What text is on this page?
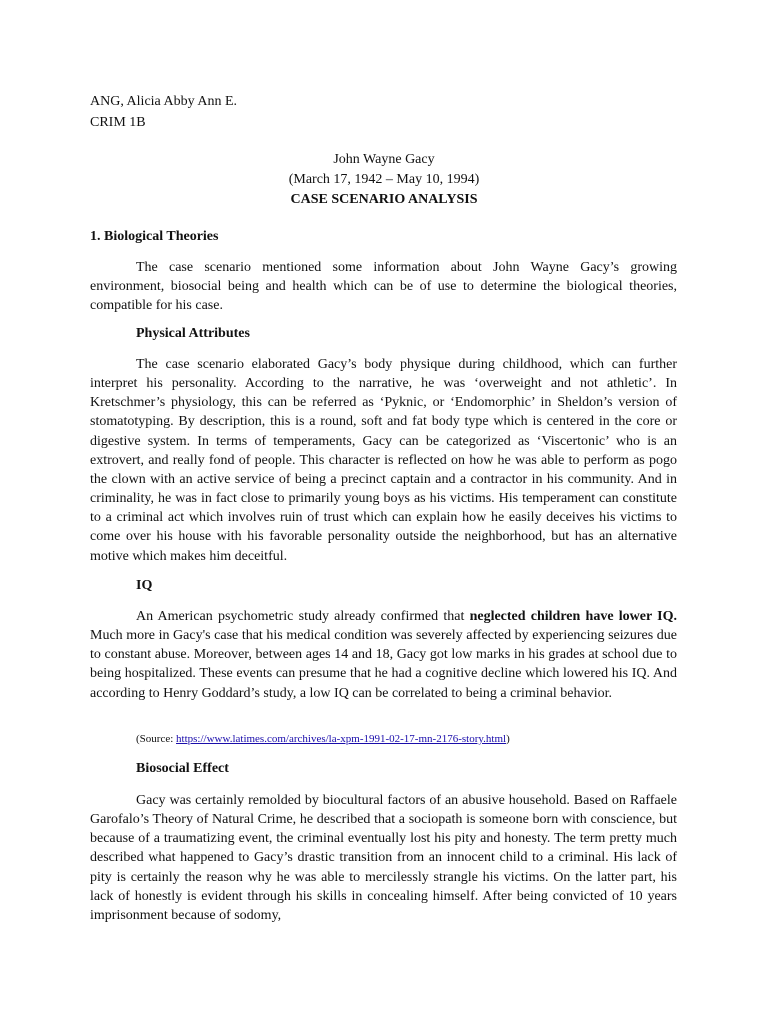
ANG, Alicia Abby Ann E.
CRIM 1B
John Wayne Gacy
(March 17, 1942 – May 10, 1994)
CASE SCENARIO ANALYSIS
1. Biological Theories

The case scenario mentioned some information about John Wayne Gacy’s growing environment, biosocial being and health which can be of use to determine the biological theories, compatible for his case.

Physical Attributes

The case scenario elaborated Gacy’s body physique during childhood, which can further interpret his personality. According to the narrative, he was ‘overweight and not athletic’. In Kretschmer’s physiology, this can be referred as ‘Pyknic, or ‘Endomorphic’ in Sheldon’s version of stomatotyping. By description, this is a round, soft and fat body type which is centered in the core or digestive system. In terms of temperaments, Gacy can be categorized as ‘Viscertonic’ who is an extrovert, and really fond of people. This character is reflected on how he was able to perform as pogo the clown with an active service of being a precinct captain and a contractor in his community. And in criminality, he was in fact close to primarily young boys as his victims. His temperament can constitute to a criminal act which involves ruin of trust which can explain how he easily deceives his victims to come over his house with his favorable personality outside the neighborhood, but has an alternative motive which makes him deceitful.

IQ

An American psychometric study already confirmed that neglected children have lower IQ. Much more in Gacy's case that his medical condition was severely affected by experiencing seizures due to constant abuse. Moreover, between ages 14 and 18, Gacy got low marks in his grades at school due to being hospitalized. These events can presume that he had a cognitive decline which lowered his IQ. And according to Henry Goddard’s study, a low IQ can be correlated to being a criminal behavior.

(Source: https://www.latimes.com/archives/la-xpm-1991-02-17-mn-2176-story.html)
Biosocial Effect

Gacy was certainly remolded by biocultural factors of an abusive household. Based on Raffaele Garofalo’s Theory of Natural Crime, he described that a sociopath is someone born with conscience, but because of a traumatizing event, the criminal eventually lost his pity and honesty. The term pretty much described what happened to Gacy’s drastic transition from an innocent child to a criminal. His lack of pity is certainly the reason why he was able to mercilessly strangle his victims. On the latter part, his lack of honestly is evident through his skills in concealing himself. After being convicted of 10 years imprisonment because of sodomy,
